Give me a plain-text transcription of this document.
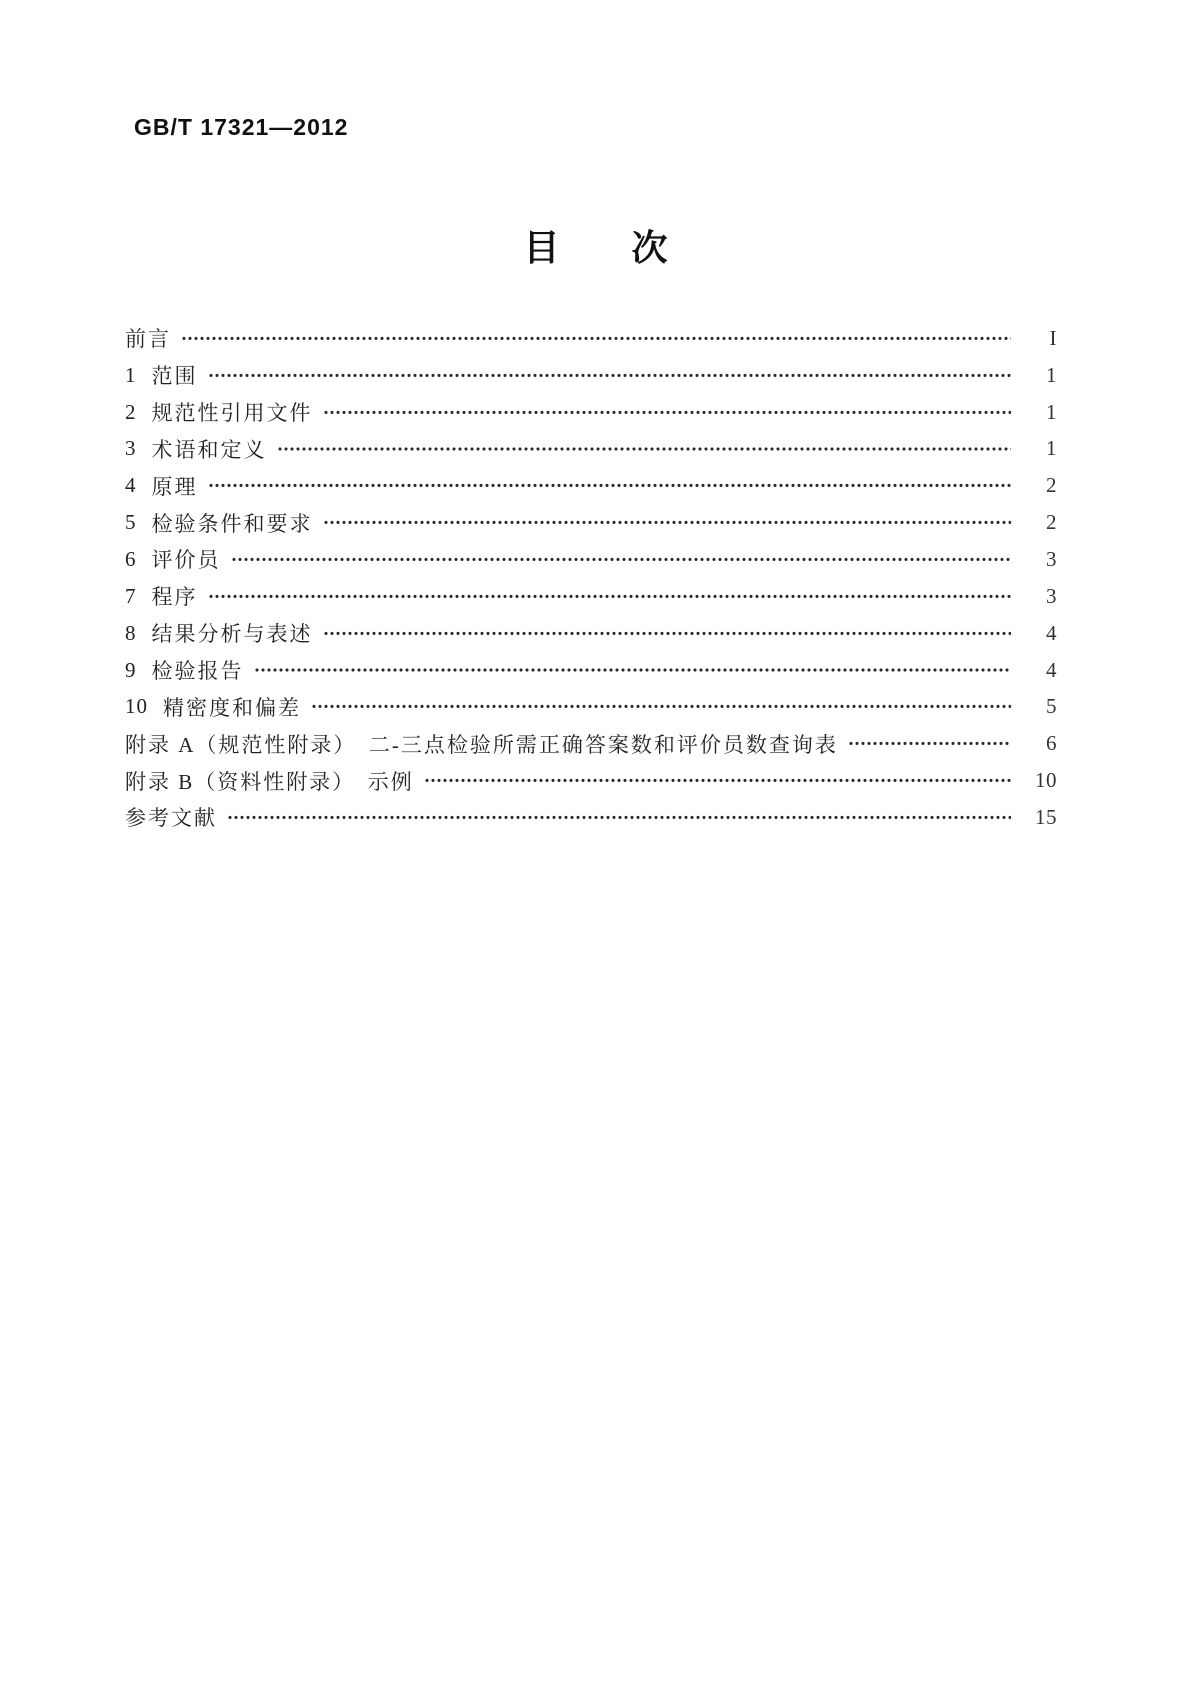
GB/T 17321—2012
目　　次
前言	I
1 范围	1
2 规范性引用文件	1
3 术语和定义	1
4 原理	2
5 检验条件和要求	2
6 评价员	3
7 程序	3
8 结果分析与表述	4
9 检验报告	4
10 精密度和偏差	5
附录 A（规范性附录）　二-三点检验所需正确答案数和评价员数查询表	6
附录 B（资料性附录）　示例	10
参考文献	15
